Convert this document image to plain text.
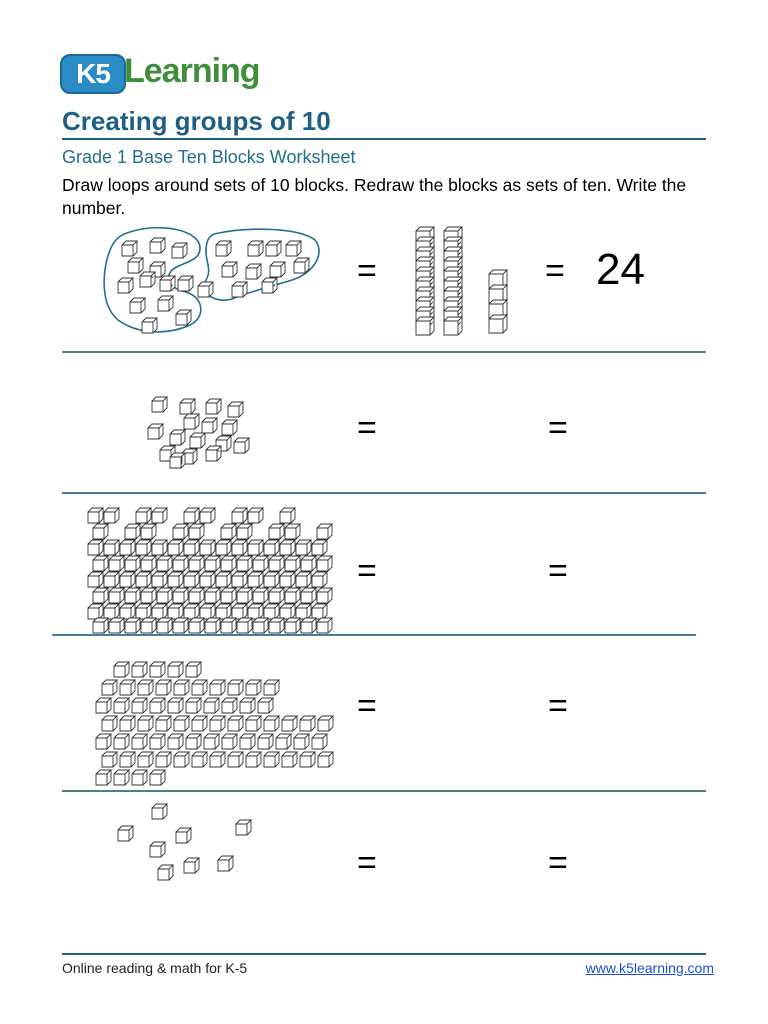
K5 Learning
Creating groups of 10
Grade 1 Base Ten Blocks Worksheet
Draw loops around sets of 10 blocks. Redraw the blocks as sets of ten. Write the number.
=	= 24
=	=
=	=
=	=
=	=
Online reading & math for K-5	www.k5learning.com
